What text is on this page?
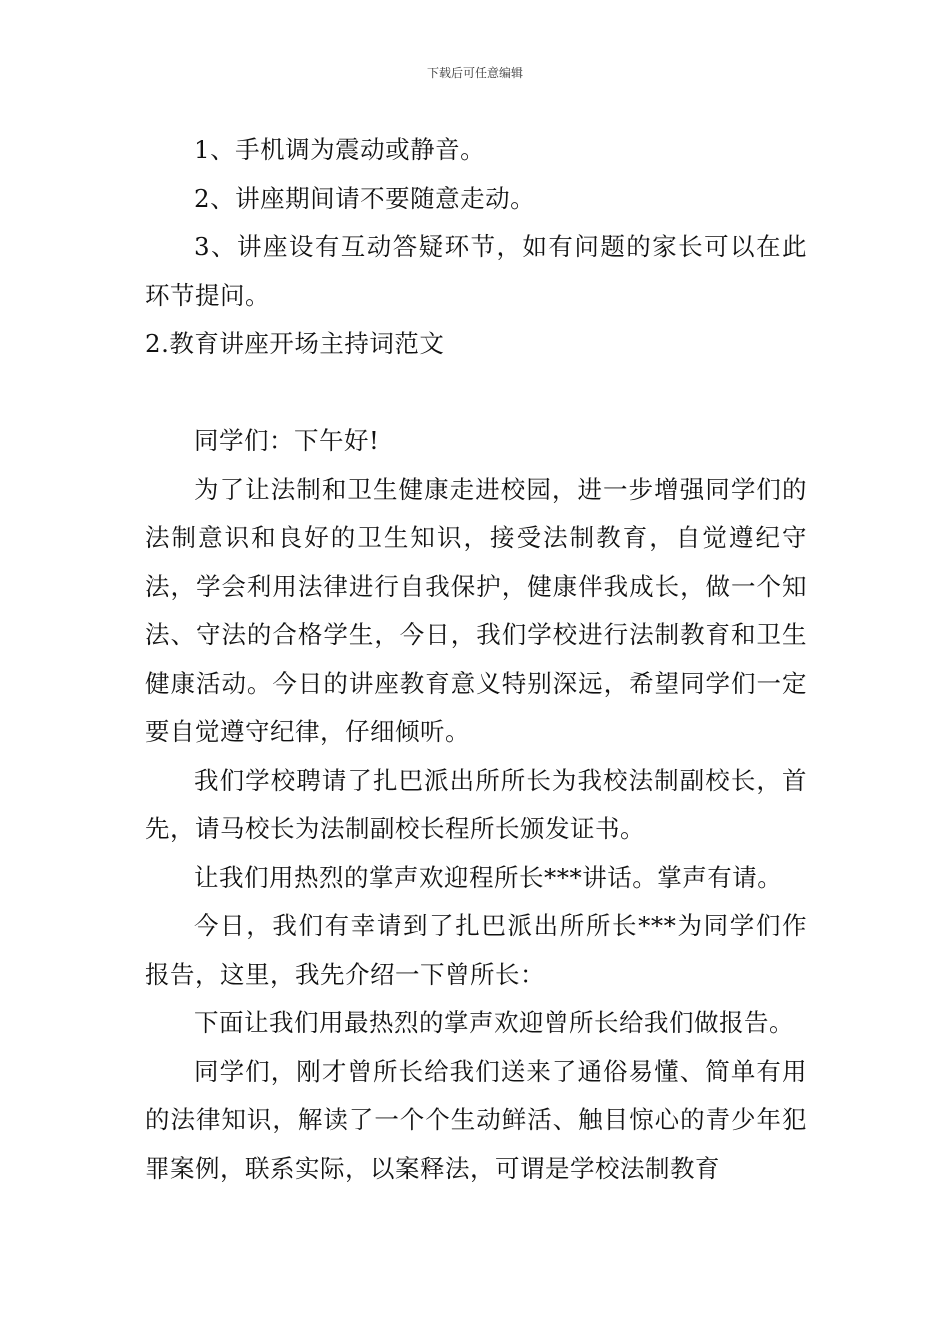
下载后可任意编辑

1、手机调为震动或静音。

2、讲座期间请不要随意走动。

3、讲座设有互动答疑环节，如有问题的家长可以在此环节提问。

2.教育讲座开场主持词范文

同学们：下午好!

为了让法制和卫生健康走进校园，进一步增强同学们的法制意识和良好的卫生知识，接受法制教育，自觉遵纪守法，学会利用法律进行自我保护，健康伴我成长，做一个知法、守法的合格学生，今日，我们学校进行法制教育和卫生健康活动。今日的讲座教育意义特别深远，希望同学们一定要自觉遵守纪律，仔细倾听。

我们学校聘请了扎巴派出所所长为我校法制副校长，首先，请马校长为法制副校长程所长颁发证书。

让我们用热烈的掌声欢迎程所长***讲话。掌声有请。

今日，我们有幸请到了扎巴派出所所长***为同学们作报告，这里，我先介绍一下曾所长：

下面让我们用最热烈的掌声欢迎曾所长给我们做报告。

同学们，刚才曾所长给我们送来了通俗易懂、简单有用的法律知识，解读了一个个生动鲜活、触目惊心的青少年犯罪案例，联系实际，以案释法，可谓是学校法制教育
